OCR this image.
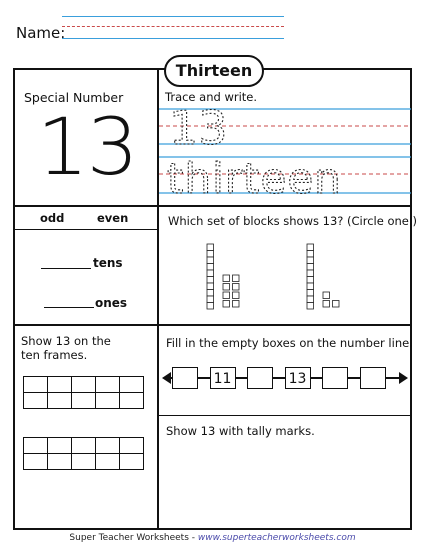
Name:
Thirteen
Special Number
13
Trace and write.
13
thirteen
odd	even
tens
ones
Which set of blocks shows 13? (Circle one.)
Show 13 on the ten frames.

Fill in the empty boxes on the number line.
11	13
Show 13 with tally marks.
Super Teacher Worksheets - www.superteacherworksheets.com
